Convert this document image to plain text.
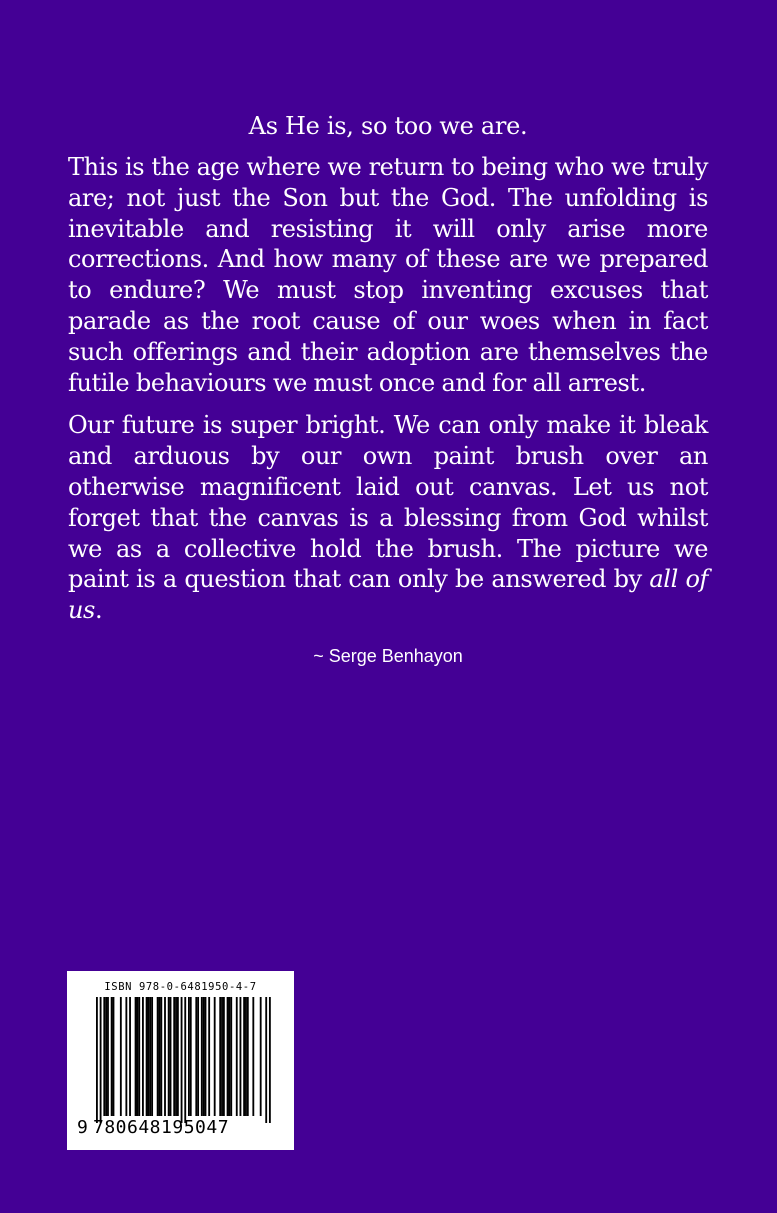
As He is, so too we are.

This is the age where we return to being who we truly are; not just the Son but the God. The unfolding is inevitable and resisting it will only arise more corrections. And how many of these are we prepared to endure? We must stop inventing excuses that parade as the root cause of our woes when in fact such offerings and their adoption are themselves the futile behaviours we must once and for all arrest.

Our future is super bright. We can only make it bleak and arduous by our own paint brush over an otherwise magnificent laid out canvas. Let us not forget that the canvas is a blessing from God whilst we as a collective hold the brush. The picture we paint is a question that can only be answered by all of us.

~ Serge Benhayon
ISBN 978-0-6481950-4-7
9 780648195047
